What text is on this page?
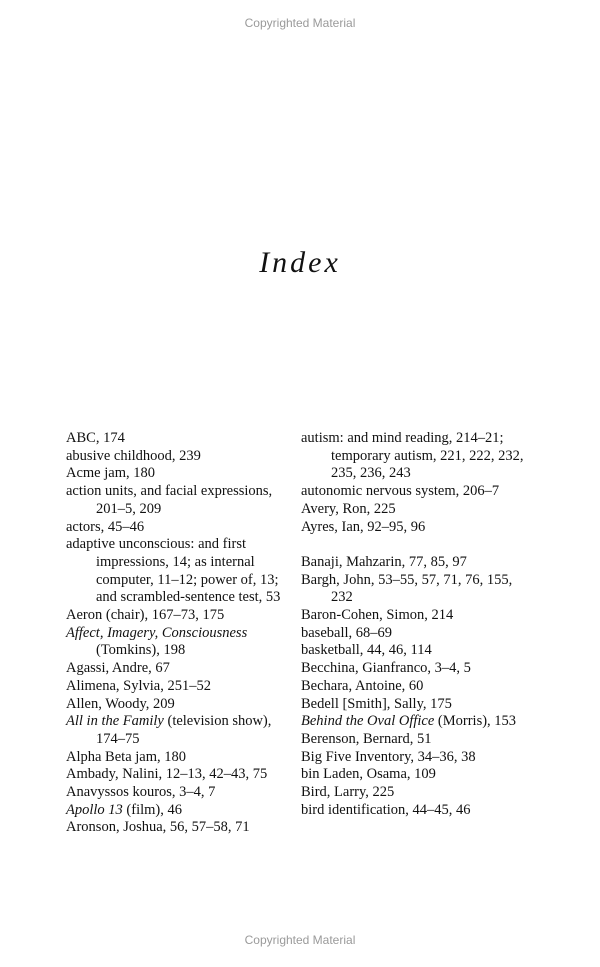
Copyrighted Material
Index
ABC, 174
abusive childhood, 239
Acme jam, 180
action units, and facial expressions, 201–5, 209
actors, 45–46
adaptive unconscious: and first impressions, 14; as internal computer, 11–12; power of, 13; and scrambled-sentence test, 53
Aeron (chair), 167–73, 175
Affect, Imagery, Consciousness (Tomkins), 198
Agassi, Andre, 67
Alimena, Sylvia, 251–52
Allen, Woody, 209
All in the Family (television show), 174–75
Alpha Beta jam, 180
Ambady, Nalini, 12–13, 42–43, 75
Anavyssos kouros, 3–4, 7
Apollo 13 (film), 46
Aronson, Joshua, 56, 57–58, 71
autism: and mind reading, 214–21; temporary autism, 221, 222, 232, 235, 236, 243
autonomic nervous system, 206–7
Avery, Ron, 225
Ayres, Ian, 92–95, 96
Banaji, Mahzarin, 77, 85, 97
Bargh, John, 53–55, 57, 71, 76, 155, 232
Baron-Cohen, Simon, 214
baseball, 68–69
basketball, 44, 46, 114
Becchina, Gianfranco, 3–4, 5
Bechara, Antoine, 60
Bedell [Smith], Sally, 175
Behind the Oval Office (Morris), 153
Berenson, Bernard, 51
Big Five Inventory, 34–36, 38
bin Laden, Osama, 109
Bird, Larry, 225
bird identification, 44–45, 46
Copyrighted Material
